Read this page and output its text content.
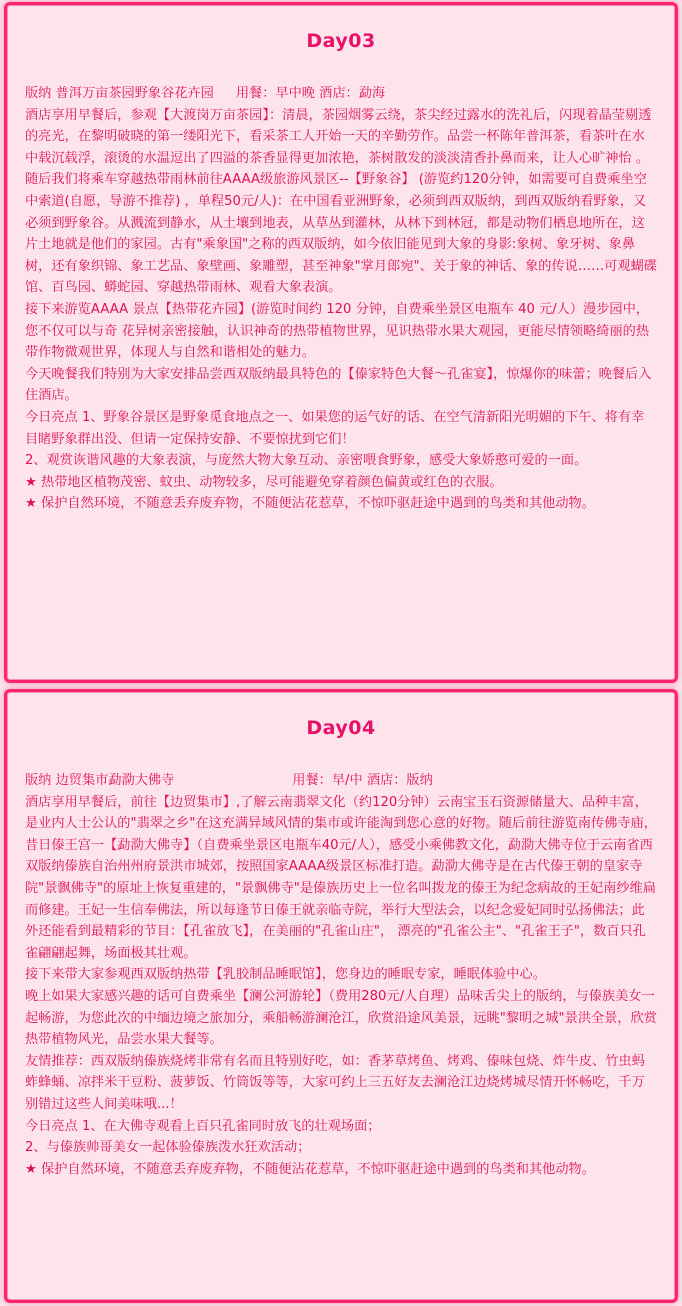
Day03
版纳 普洱万亩茶园野象谷花卉园 用餐：早中晚
酒店：勐海

酒店享用早餐后，参观【大渡岗万亩茶园】：清晨，茶园烟雾云绕，茶尖经过露水的洗礼后，闪现着晶莹剔透的亮光，在黎明破晓的第一缕阳光下，看采茶工人开始一天的辛勤劳作。品尝一杯陈年普洱茶，看茶叶在水中载沉载浮，滚烫的水温逗出了四溢的茶香显得更加浓艳，茶树散发的淡淡清香扑鼻而来，让人心旷神怡 。

随后我们将乘车穿越热带雨林前往AAAA级旅游风景区--【野象谷】 (游览约120分钟，如需要可自费乘坐空中索道(自愿，导游不推荐) ，单程50元/人)：在中国看亚洲野象，必须到西双版纳，到西双版纳看野象，又必须到野象谷。从溅流到静水，从土壤到地表，从草丛到灌林，从林下到林冠，都是动物们栖息地所在，这片土地就是他们的家园。古有"乘象国"之称的西双版纳，如今依旧能见到大象的身影:象树、象牙树、象鼻树，还有象织锦、象工艺品、象壁画、象雕塑，甚至神象"掌月郎宛"、关于象的神话、象的传说……可观蝴碟馆、百鸟园、蟒蛇园、穿越热带雨林、观看大象表演。

接下来游览AAAA 景点【热带花卉园】(游览时间约 120 分钟，自费乘坐景区电瓶车 40 元/人）漫步园中，您不仅可以与奇 花异树亲密接触，认识神奇的热带植物世界，见识热带水果大观园，更能尽情领略绮丽的热带作物微观世界，体现人与自然和谐相处的魅力。

今天晚餐我们特别为大家安排品尝西双版纳最具特色的【傣家特色大餐～孔雀宴】，惊爆你的味蕾；晚餐后入住酒店。

今日亮点 1、野象谷景区是野象觅食地点之一、如果您的运气好的话、在空气清新阳光明媚的下午、将有幸目睹野象群出没、但请一定保持安静、不要惊扰到它们！

2、观赏诙谐风趣的大象表演，与庞然大物大象互动、亲密喂食野象，感受大象娇憨可爱的一面。

★ 热带地区植物茂密、蚊虫、动物较多，尽可能避免穿着颜色偏黄或红色的衣服。

★ 保护自然环境，不随意丢弃废弃物，不随便沾花惹草，不惊吓驱赶途中遇到的鸟类和其他动物。

Day04
版纳 边贸集市勐泐大佛寺	用餐：早/中
酒店：版纳

酒店享用早餐后，前往【边贸集市】,了解云南翡翠文化（约120分钟）云南宝玉石资源储量大、品种丰富，是业内人士公认的"翡翠之乡"在这充满异域风情的集市或许能淘到您心意的好物。随后前往游览南传佛寺庙，昔日傣王宫一【勐泐大佛寺】（自费乘坐景区电瓶车40元/人），感受小乘佛教文化，勐泐大佛寺位于云南省西双版纳傣族自治州州府景洪市城郊，按照国家AAAA级景区标准打造。勐泐大佛寺是在古代傣王朝的皇家寺院"景飘佛寺"的原址上恢复重建的，"景飘佛寺"是傣族历史上一位名叫拨龙的傣王为纪念病故的王妃南纱维扁而修建。王妃一生信奉佛法，所以每逢节日傣王就亲临寺院，举行大型法会，以纪念爱妃同时弘扬佛法；此外还能看到最精彩的节目：【孔雀放飞】，在美丽的"孔雀山庄"， 漂亮的"孔雀公主"、"孔雀王子"，数百只孔雀翩翩起舞，场面极其壮观。

接下来带大家参观西双版纳热带【乳胶制品睡眠馆】，您身边的睡眠专家，睡眠体验中心。

晚上如果大家感兴趣的话可自费乘坐【澜公河游轮】（费用280元/人自理）品味舌尖上的版纳，与傣族美女一起畅游，为您此次的中缅边境之旅加分，乘船畅游澜沧江，欣赏沿途风美景，远眺"黎明之城"景洪全景，欣赏热带植物风光，品尝水果大餐等。

友情推荐：西双版纳傣族烧烤非常有名而且特别好吃，如：香茅草烤鱼、烤鸡、傣味包烧、炸牛皮、竹虫蚂蚱蜂蛹、凉拌米干豆粉、菠萝饭、竹筒饭等等，大家可约上三五好友去澜沧江边烧烤城尽情开怀畅吃，千万别错过这些人间美味哦...！

今日亮点 1、在大佛寺观看上百只孔雀同时放飞的壮观场面；

2、与傣族帅哥美女一起体验傣族泼水狂欢活动；

★ 保护自然环境，不随意丢弃废弃物，不随便沾花惹草，不惊吓驱赶途中遇到的鸟类和其他动物。
